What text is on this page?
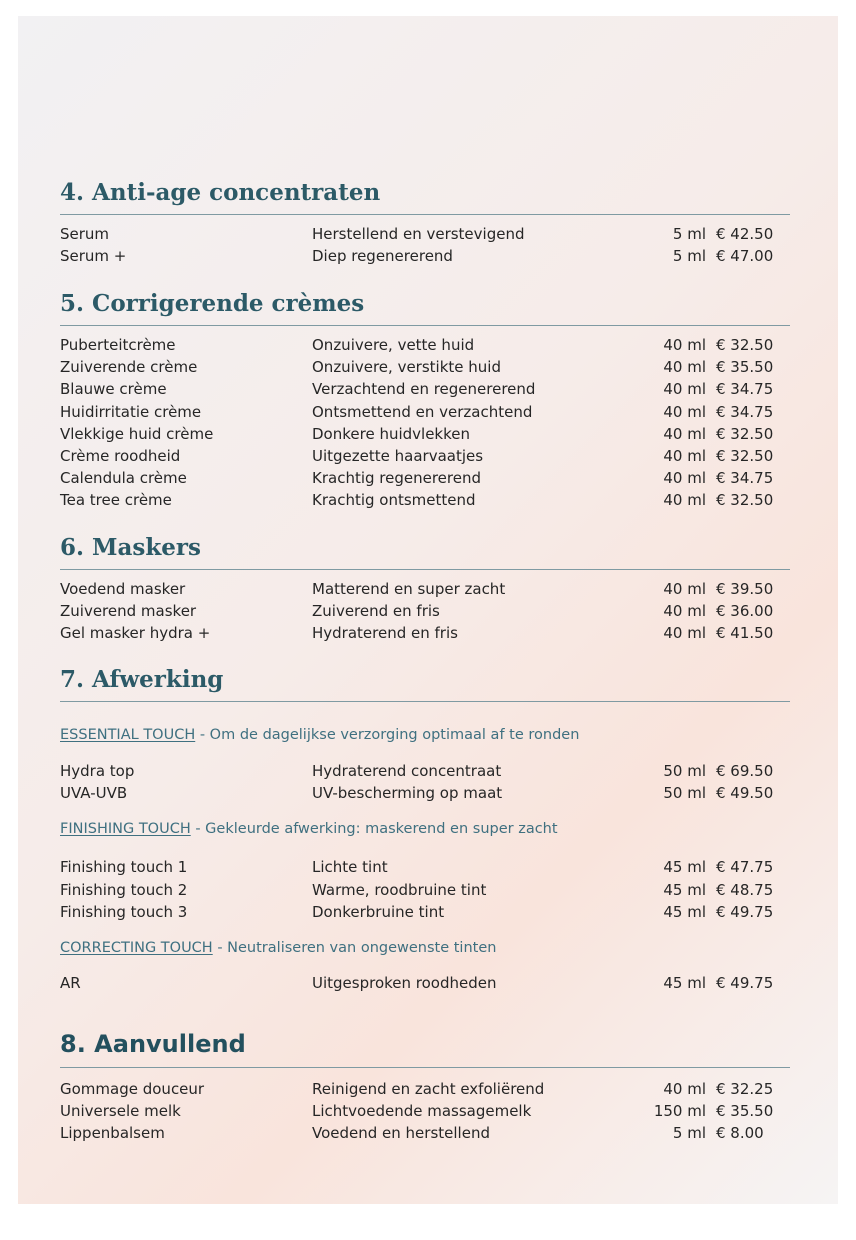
4. Anti-age concentraten
Serum	Herstellend en verstevigend	5 ml € 42.50
Serum +	Diep regenererend	5 ml € 47.00
5. Corrigerende crèmes
Puberteitcrème	Onzuivere, vette huid	40 ml € 32.50
Zuiverende crème	Onzuivere, verstikte huid	40 ml € 35.50
Blauwe crème	Verzachtend en regenererend	40 ml € 34.75
Huidirritatie crème	Ontsmettend en verzachtend	40 ml € 34.75
Vlekkige huid crème	Donkere huidvlekken	40 ml € 32.50
Crème roodheid	Uitgezette haarvaatjes	40 ml € 32.50
Calendula crème	Krachtig regenererend	40 ml € 34.75
Tea tree crème	Krachtig ontsmettend	40 ml € 32.50
6. Maskers
Voedend masker	Matterend en super zacht	40 ml € 39.50
Zuiverend masker	Zuiverend en fris	40 ml € 36.00
Gel masker hydra +	Hydraterend en fris	40 ml € 41.50
7. Afwerking
ESSENTIAL TOUCH - Om de dagelijkse verzorging optimaal af te ronden
Hydra top	Hydraterend concentraat	50 ml € 69.50
UVA-UVB	UV-bescherming op maat	50 ml € 49.50
FINISHING TOUCH - Gekleurde afwerking: maskerend en super zacht
Finishing touch 1	Lichte tint	45 ml € 47.75
Finishing touch 2	Warme, roodbruine tint	45 ml € 48.75
Finishing touch 3	Donkerbruine tint	45 ml € 49.75
CORRECTING TOUCH - Neutraliseren van ongewenste tinten
AR	Uitgesproken roodheden	45 ml € 49.75
8. Aanvullend
Gommage douceur	Reinigend en zacht exfoliërend	40 ml € 32.25
Universele melk	Lichtvoedende massagemelk	150 ml € 35.50
Lippenbalsem	Voedend en herstellend	5 ml € 8.00
